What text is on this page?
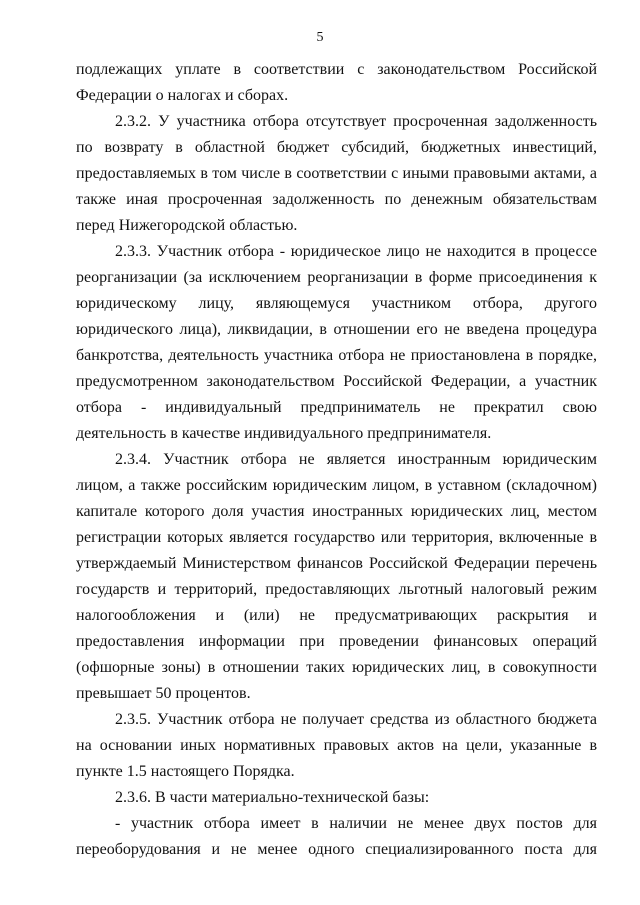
5

подлежащих уплате в соответствии с законодательством Российской Федерации о налогах и сборах.

2.3.2. У участника отбора отсутствует просроченная задолженность по возврату в областной бюджет субсидий, бюджетных инвестиций, предоставляемых в том числе в соответствии с иными правовыми актами, а также иная просроченная задолженность по денежным обязательствам перед Нижегородской областью.

2.3.3. Участник отбора - юридическое лицо не находится в процессе реорганизации (за исключением реорганизации в форме присоединения к юридическому лицу, являющемуся участником отбора, другого юридического лица), ликвидации, в отношении его не введена процедура банкротства, деятельность участника отбора не приостановлена в порядке, предусмотренном законодательством Российской Федерации, а участник отбора - индивидуальный предприниматель не прекратил свою деятельность в качестве индивидуального предпринимателя.

2.3.4. Участник отбора не является иностранным юридическим лицом, а также российским юридическим лицом, в уставном (складочном) капитале которого доля участия иностранных юридических лиц, местом регистрации которых является государство или территория, включенные в утверждаемый Министерством финансов Российской Федерации перечень государств и территорий, предоставляющих льготный налоговый режим налогообложения и (или) не предусматривающих раскрытия и предоставления информации при проведении финансовых операций (офшорные зоны) в отношении таких юридических лиц, в совокупности превышает 50 процентов.

2.3.5. Участник отбора не получает средства из областного бюджета на основании иных нормативных правовых актов на цели, указанные в пункте 1.5 настоящего Порядка.

2.3.6. В части материально-технической базы:

- участник отбора имеет в наличии не менее двух постов для переоборудования и не менее одного специализированного поста для
